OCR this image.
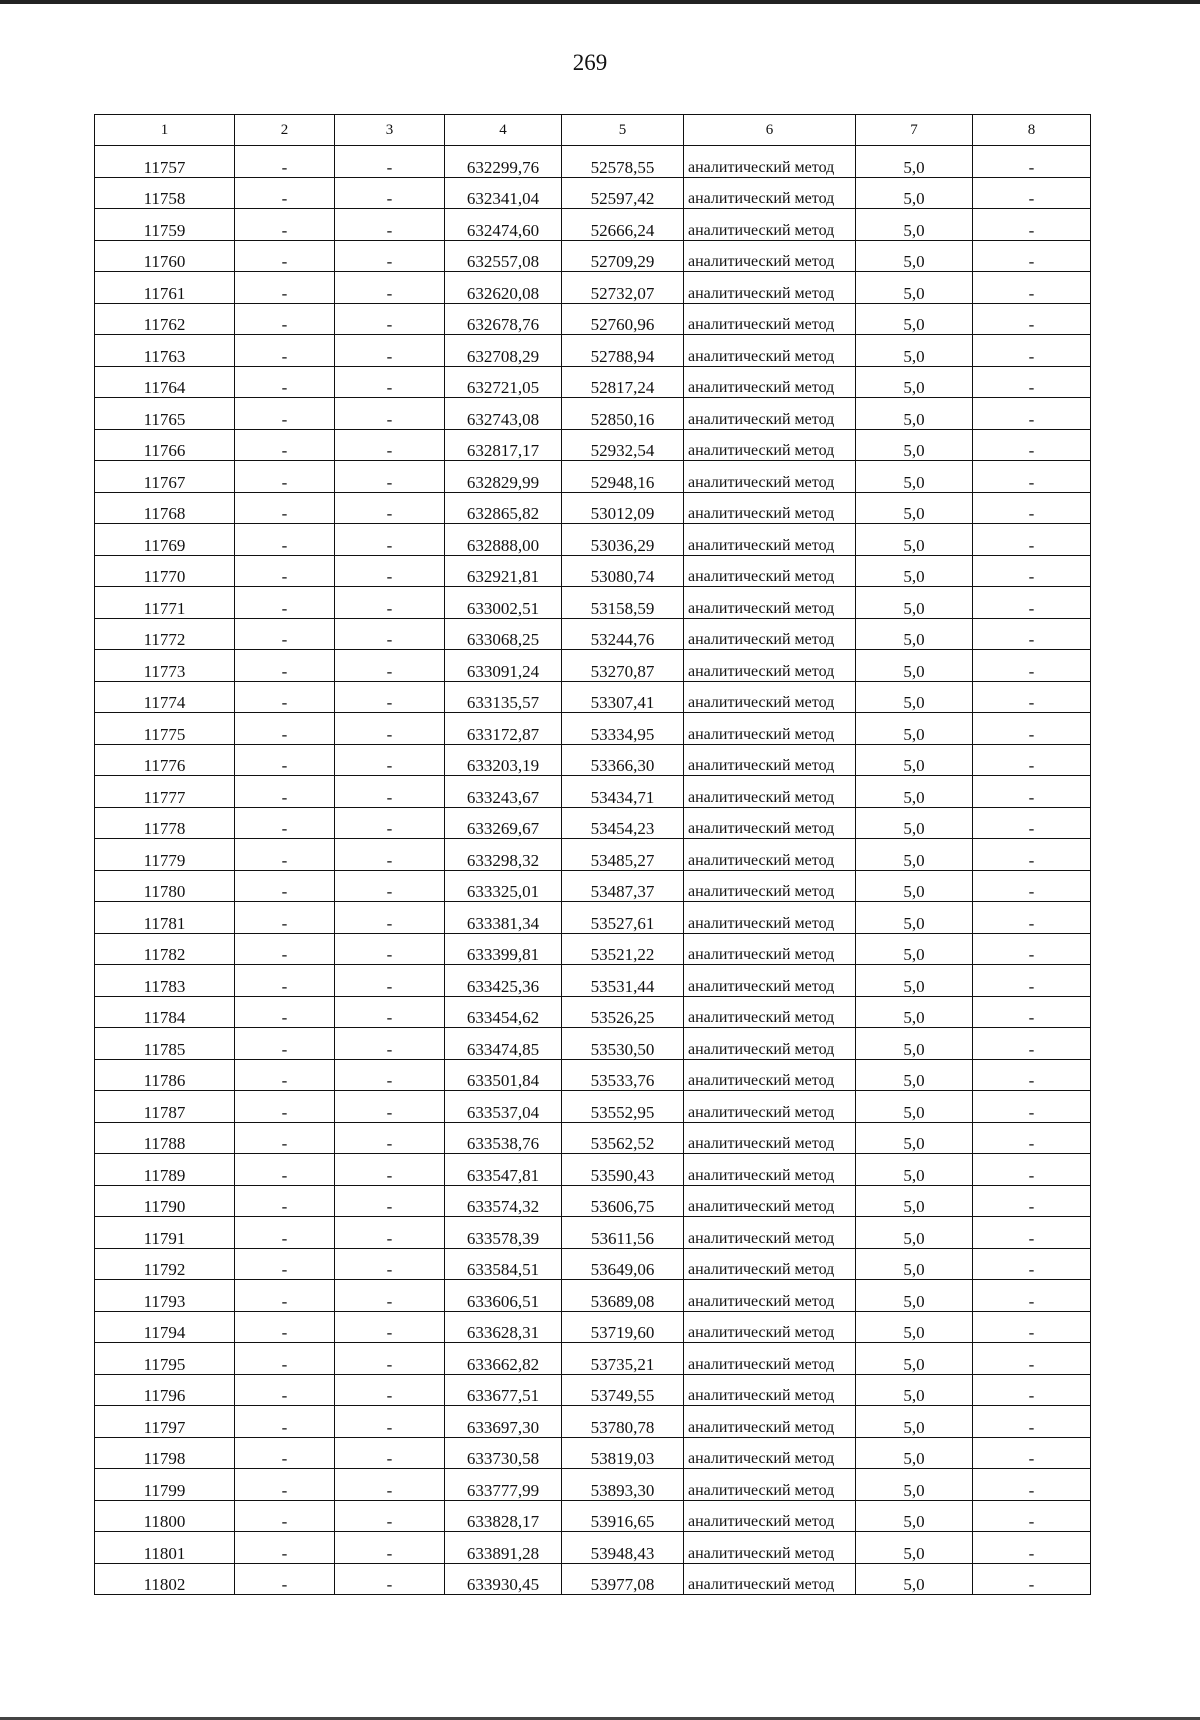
269
1	2	3	4	5	6	7	8
11757	-	-	632299,76	52578,55	аналитический метод	5,0	-
11758	-	-	632341,04	52597,42	аналитический метод	5,0	-
11759	-	-	632474,60	52666,24	аналитический метод	5,0	-
11760	-	-	632557,08	52709,29	аналитический метод	5,0	-
11761	-	-	632620,08	52732,07	аналитический метод	5,0	-
11762	-	-	632678,76	52760,96	аналитический метод	5,0	-
11763	-	-	632708,29	52788,94	аналитический метод	5,0	-
11764	-	-	632721,05	52817,24	аналитический метод	5,0	-
11765	-	-	632743,08	52850,16	аналитический метод	5,0	-
11766	-	-	632817,17	52932,54	аналитический метод	5,0	-
11767	-	-	632829,99	52948,16	аналитический метод	5,0	-
11768	-	-	632865,82	53012,09	аналитический метод	5,0	-
11769	-	-	632888,00	53036,29	аналитический метод	5,0	-
11770	-	-	632921,81	53080,74	аналитический метод	5,0	-
11771	-	-	633002,51	53158,59	аналитический метод	5,0	-
11772	-	-	633068,25	53244,76	аналитический метод	5,0	-
11773	-	-	633091,24	53270,87	аналитический метод	5,0	-
11774	-	-	633135,57	53307,41	аналитический метод	5,0	-
11775	-	-	633172,87	53334,95	аналитический метод	5,0	-
11776	-	-	633203,19	53366,30	аналитический метод	5,0	-
11777	-	-	633243,67	53434,71	аналитический метод	5,0	-
11778	-	-	633269,67	53454,23	аналитический метод	5,0	-
11779	-	-	633298,32	53485,27	аналитический метод	5,0	-
11780	-	-	633325,01	53487,37	аналитический метод	5,0	-
11781	-	-	633381,34	53527,61	аналитический метод	5,0	-
11782	-	-	633399,81	53521,22	аналитический метод	5,0	-
11783	-	-	633425,36	53531,44	аналитический метод	5,0	-
11784	-	-	633454,62	53526,25	аналитический метод	5,0	-
11785	-	-	633474,85	53530,50	аналитический метод	5,0	-
11786	-	-	633501,84	53533,76	аналитический метод	5,0	-
11787	-	-	633537,04	53552,95	аналитический метод	5,0	-
11788	-	-	633538,76	53562,52	аналитический метод	5,0	-
11789	-	-	633547,81	53590,43	аналитический метод	5,0	-
11790	-	-	633574,32	53606,75	аналитический метод	5,0	-
11791	-	-	633578,39	53611,56	аналитический метод	5,0	-
11792	-	-	633584,51	53649,06	аналитический метод	5,0	-
11793	-	-	633606,51	53689,08	аналитический метод	5,0	-
11794	-	-	633628,31	53719,60	аналитический метод	5,0	-
11795	-	-	633662,82	53735,21	аналитический метод	5,0	-
11796	-	-	633677,51	53749,55	аналитический метод	5,0	-
11797	-	-	633697,30	53780,78	аналитический метод	5,0	-
11798	-	-	633730,58	53819,03	аналитический метод	5,0	-
11799	-	-	633777,99	53893,30	аналитический метод	5,0	-
11800	-	-	633828,17	53916,65	аналитический метод	5,0	-
11801	-	-	633891,28	53948,43	аналитический метод	5,0	-
11802	-	-	633930,45	53977,08	аналитический метод	5,0	-
